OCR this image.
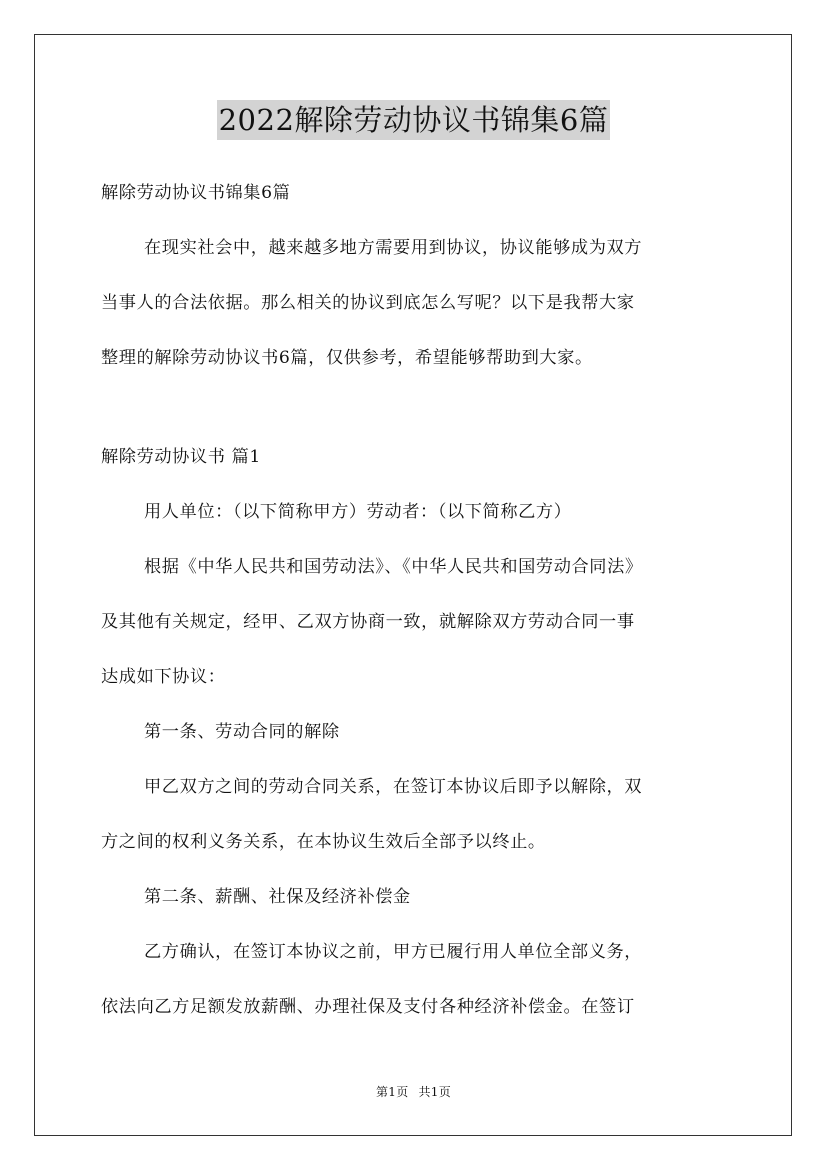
2022解除劳动协议书锦集6篇
解除劳动协议书锦集6篇
在现实社会中，越来越多地方需要用到协议，协议能够成为双方
当事人的合法依据。那么相关的协议到底怎么写呢？以下是我帮大家
整理的解除劳动协议书6篇，仅供参考，希望能够帮助到大家。
解除劳动协议书 篇1
用人单位：（以下简称甲方）劳动者：（以下简称乙方）
根据《中华人民共和国劳动法》、《中华人民共和国劳动合同法》
及其他有关规定，经甲、乙双方协商一致，就解除双方劳动合同一事
达成如下协议：
第一条、劳动合同的解除
甲乙双方之间的劳动合同关系，在签订本协议后即予以解除，双
方之间的权利义务关系，在本协议生效后全部予以终止。
第二条、薪酬、社保及经济补偿金
乙方确认，在签订本协议之前，甲方已履行用人单位全部义务，
依法向乙方足额发放薪酬、办理社保及支付各种经济补偿金。在签订
第1页 共1页
